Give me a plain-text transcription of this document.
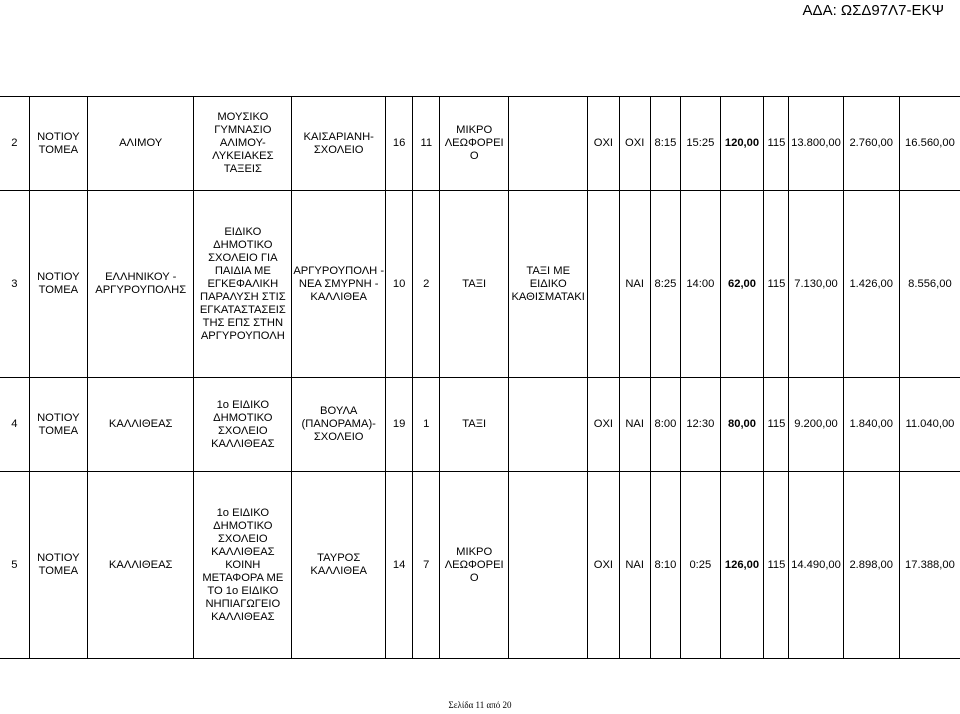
ΑΔΑ: ΩΣΔ97Λ7-ΕΚΨ
2	ΝΟΤΙΟΥ ΤΟΜΕΑ	ΑΛΙΜΟΥ	ΜΟΥΣΙΚΟ ΓΥΜΝΑΣΙΟ ΑΛΙΜΟΥ- ΛΥΚΕΙΑΚΕΣ ΤΑΞΕΙΣ	ΚΑΙΣΑΡΙΑΝΗ- ΣΧΟΛΕΙΟ	16	11	ΜΙΚΡΟ ΛΕΩΦΟΡΕΙΟ		ΟΧΙ	ΟΧΙ	8:15	15:25	120,00	115	13.800,00	2.760,00	16.560,00
3	ΝΟΤΙΟΥ ΤΟΜΕΑ	ΕΛΛΗΝΙΚΟΥ - ΑΡΓΥΡΟΥΠΟΛΗΣ	ΕΙΔΙΚΟ ΔΗΜΟΤΙΚΟ ΣΧΟΛΕΙΟ ΓΙΑ ΠΑΙΔΙΑ ΜΕ ΕΓΚΕΦΑΛΙΚΗ ΠΑΡΑΛΥΣΗ ΣΤΙΣ ΕΓΚΑΤΑΣΤΑΣΕΙΣ ΤΗΣ ΕΠΣ ΣΤΗΝ ΑΡΓΥΡΟΥΠΟΛΗ	ΑΡΓΥΡΟΥΠΟΛΗ - ΝΕΑ ΣΜΥΡΝΗ - ΚΑΛΛΙΘΕΑ	10	2	ΤΑΞΙ	ΤΑΞΙ ΜΕ ΕΙΔΙΚΟ ΚΑΘΙΣΜΑΤΑΚΙ		ΝΑΙ	8:25	14:00	62,00	115	7.130,00	1.426,00	8.556,00
4	ΝΟΤΙΟΥ ΤΟΜΕΑ	ΚΑΛΛΙΘΕΑΣ	1ο ΕΙΔΙΚΟ ΔΗΜΟΤΙΚΟ ΣΧΟΛΕΙΟ ΚΑΛΛΙΘΕΑΣ	ΒΟΥΛΑ (ΠΑΝΟΡΑΜΑ)- ΣΧΟΛΕΙΟ	19	1	ΤΑΞΙ		ΟΧΙ	ΝΑΙ	8:00	12:30	80,00	115	9.200,00	1.840,00	11.040,00
5	ΝΟΤΙΟΥ ΤΟΜΕΑ	ΚΑΛΛΙΘΕΑΣ	1ο ΕΙΔΙΚΟ ΔΗΜΟΤΙΚΟ ΣΧΟΛΕΙΟ ΚΑΛΛΙΘΕΑΣ ΚΟΙΝΗ ΜΕΤΑΦΟΡΑ ΜΕ ΤΟ 1ο ΕΙΔΙΚΟ ΝΗΠΙΑΓΩΓΕΙΟ ΚΑΛΛΙΘΕΑΣ	ΤΑΥΡΟΣ ΚΑΛΛΙΘΕΑ	14	7	ΜΙΚΡΟ ΛΕΩΦΟΡΕΙΟ		ΟΧΙ	ΝΑΙ	8:10	0:25	126,00	115	14.490,00	2.898,00	17.388,00
Σελίδα 11 από 20
